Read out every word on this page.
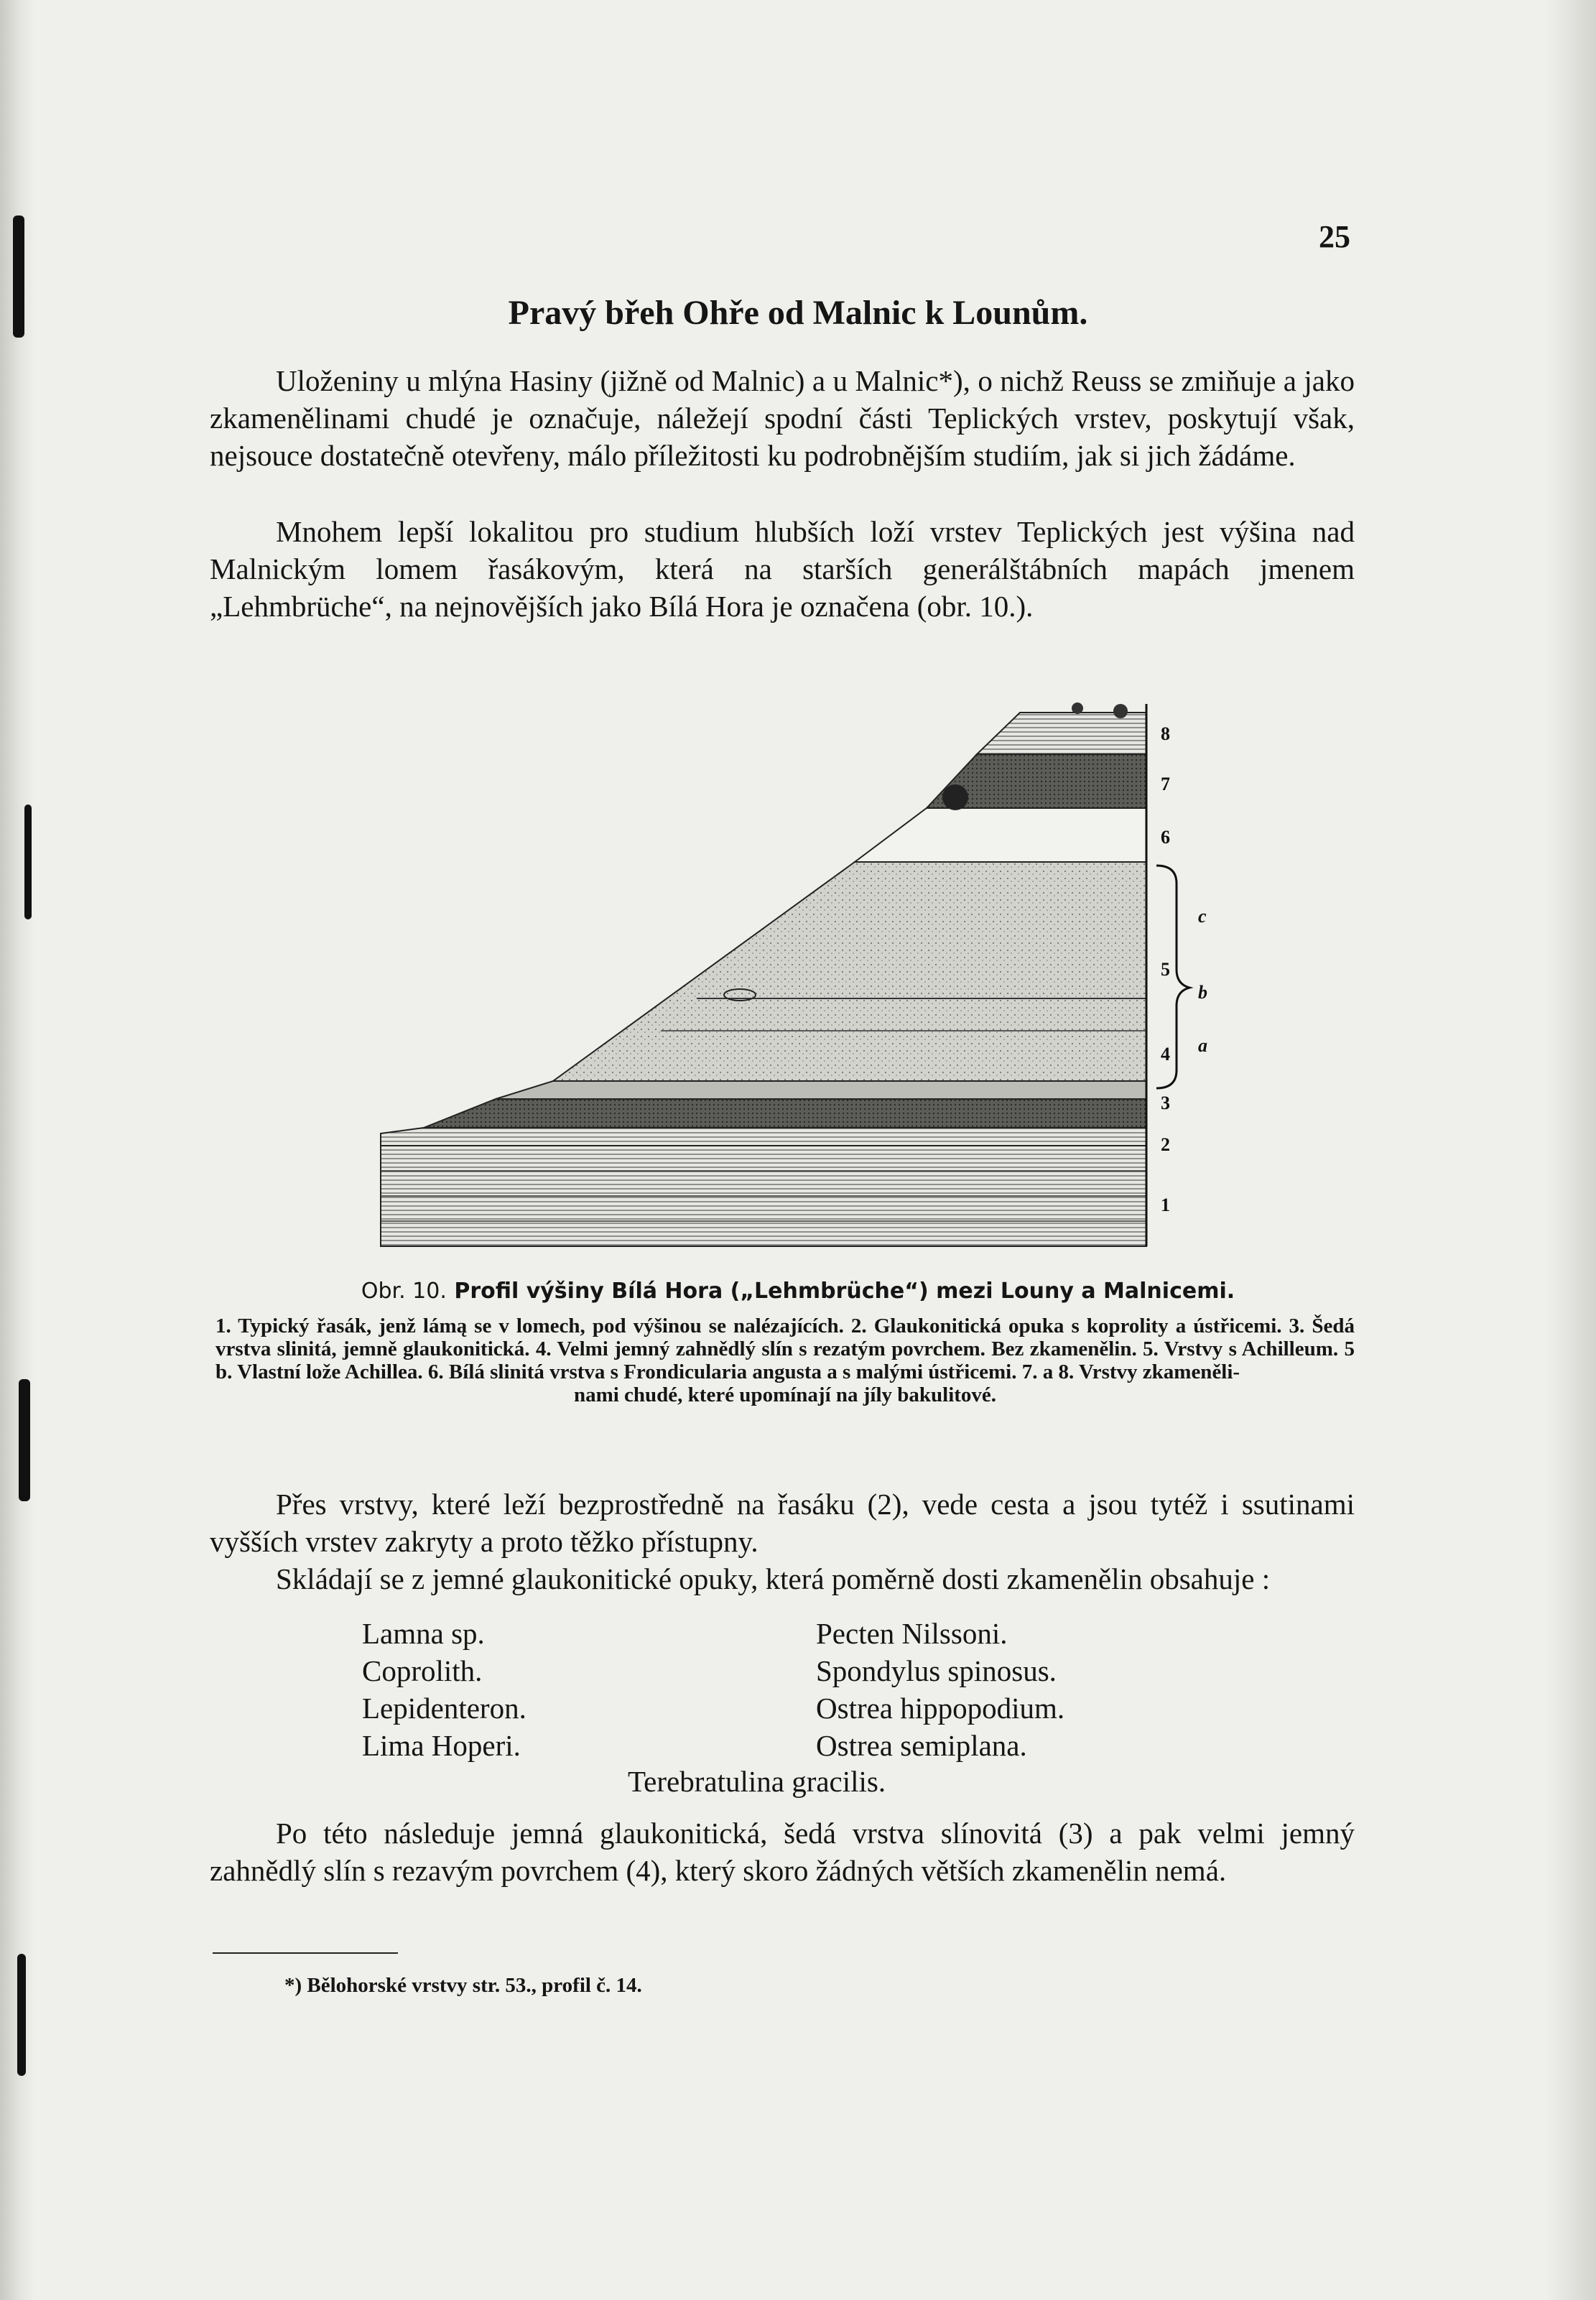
25
Pravý břeh Ohře od Malnic k Lounům.

Uloženiny u mlýna Hasiny (jižně od Malnic) a u Malnic*), o nichž Reuss se zmiňuje a jako zkamenělinami chudé je označuje, náležejí spodní části Teplických vrstev, poskytují však, nejsouce dostatečně otevřeny, málo příležitosti ku podrobnějším studiím, jak si jich žádáme.

Mnohem lepší lokalitou pro studium hlubších loží vrstev Teplických jest výšina nad Malnickým lomem řasákovým, která na starších generálštábních mapách jmenem „Lehmbrüche“, na nejnovějších jako Bílá Hora je označena (obr. 10.).

8
7
6
5
4
3
2
1
c
b
a
Obr. 10. Profil výšiny Bílá Hora („Lehmbrüche“) mezi Louny a Malnicemi.

1. Typický řasák, jenž lámą se v lomech, pod výšinou se nalézajících. 2. Glaukonitická opuka s koprolity a ústřicemi. 3. Šedá vrstva slinitá, jemně glaukonitická. 4. Velmi jemný zahnědlý slín s rezatým povrchem. Bez zkamenělin. 5. Vrstvy s Achilleum. 5 b. Vlastní lože Achillea. 6. Bílá slinitá vrstva s Frondicularia angusta a s malými ústřicemi. 7. a 8. Vrstvy zkameněli-
nami chudé, které upomínají na jíly bakulitové.

Přes vrstvy, které leží bezprostředně na řasáku (2), vede cesta a jsou tytéž i ssutinami vyšších vrstev zakryty a proto těžko přístupny.
Skládají se z jemné glaukonitické opuky, která poměrně dosti zkamenělin obsahuje :

Lamna sp.
Coprolith.
Lepidenteron.
Lima Hoperi.
Pecten Nilssoni.
Spondylus spinosus.
Ostrea hippopodium.
Ostrea semiplana.
Terebratulina gracilis.

Po této následuje jemná glaukonitická, šedá vrstva slínovitá (3) a pak velmi jemný zahnědlý slín s rezavým povrchem (4), který skoro žádných větších zkamenělin nemá.

*) Bělohorské vrstvy str. 53., profil č. 14.
